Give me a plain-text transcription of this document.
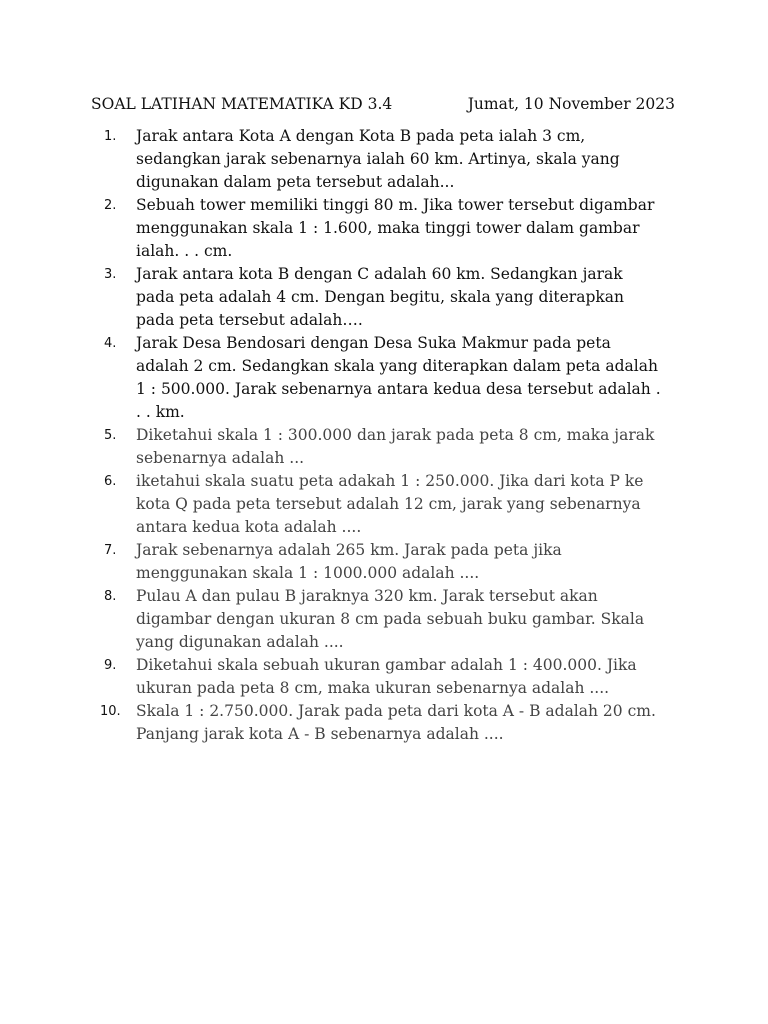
SOAL LATIHAN MATEMATIKA KD 3.4	Jumat, 10 November 2023
1.	Jarak antara Kota A dengan Kota B pada peta ialah 3 cm, sedangkan jarak sebenarnya ialah 60 km. Artinya, skala yang digunakan dalam peta tersebut adalah...
2.	Sebuah tower memiliki tinggi 80 m. Jika tower tersebut digambar menggunakan skala 1 : 1.600, maka tinggi tower dalam gambar ialah. . . cm.
3.	Jarak antara kota B dengan C adalah 60 km. Sedangkan jarak pada peta adalah 4 cm. Dengan begitu, skala yang diterapkan pada peta tersebut adalah….
4.	Jarak Desa Bendosari dengan Desa Suka Makmur pada peta adalah 2 cm. Sedangkan skala yang diterapkan dalam peta adalah 1 : 500.000. Jarak sebenarnya antara kedua desa tersebut adalah . . . km.
5.	Diketahui skala 1 : 300.000 dan jarak pada peta 8 cm, maka jarak sebenarnya adalah ...
6.	iketahui skala suatu peta adakah 1 : 250.000. Jika dari kota P ke kota Q pada peta tersebut adalah 12 cm, jarak yang sebenarnya antara kedua kota adalah ....
7.	Jarak sebenarnya adalah 265 km. Jarak pada peta jika menggunakan skala 1 : 1000.000 adalah ....
8.	Pulau A dan pulau B jaraknya 320 km. Jarak tersebut akan digambar dengan ukuran 8 cm pada sebuah buku gambar. Skala yang digunakan adalah ....
9.	Diketahui skala sebuah ukuran gambar adalah 1 : 400.000. Jika ukuran pada peta 8 cm, maka ukuran sebenarnya adalah ....
10. Skala 1 : 2.750.000. Jarak pada peta dari kota A - B adalah 20 cm. Panjang jarak kota A - B sebenarnya adalah ....
